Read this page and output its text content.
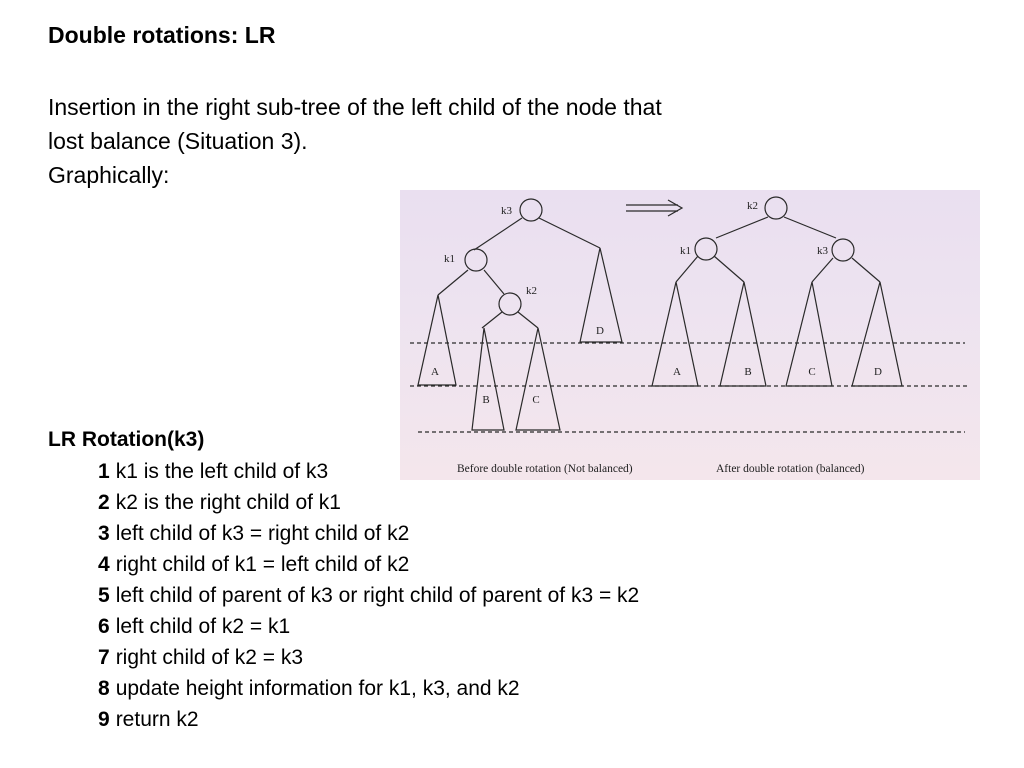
Double rotations: LR
Insertion in the right sub-tree of the left child of the node that
lost balance (Situation 3).
Graphically:
k3
k1
k2
k2
k1	k3
A
B	C
D
A	B	C	D
Before double rotation (Not balanced)	After double rotation (balanced)
LR Rotation(k3)
1 k1 is the left child of k3
2 k2 is the right child of k1
3 left child of k3 = right child of k2
4 right child of k1 = left child of k2
5 left child of parent of k3 or right child of parent of k3 = k2
6 left child of k2 = k1
7 right child of k2 = k3
8 update height information for k1, k3, and k2
9 return k2
